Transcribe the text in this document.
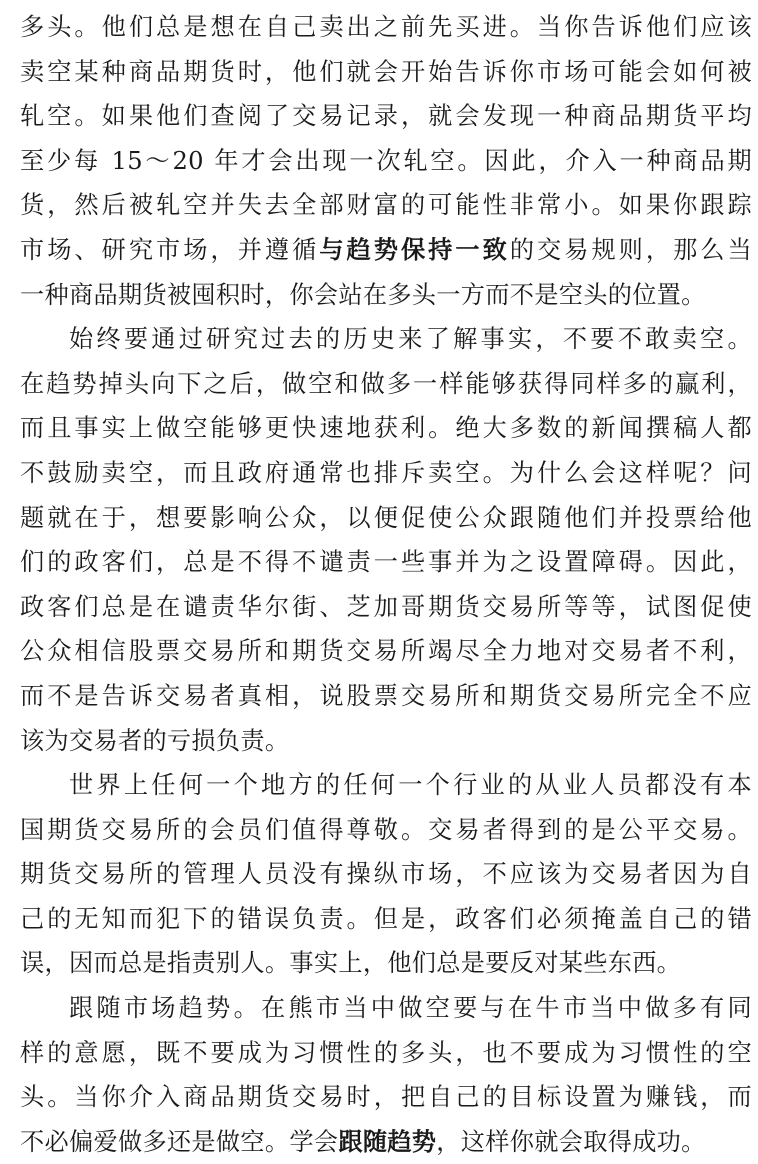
多头。他们总是想在自己卖出之前先买进。当你告诉他们应该
卖空某种商品期货时，他们就会开始告诉你市场可能会如何被
轧空。如果他们查阅了交易记录，就会发现一种商品期货平均
至少每 15～20 年才会出现一次轧空。因此，介入一种商品期
货，然后被轧空并失去全部财富的可能性非常小。如果你跟踪
市场、研究市场，并遵循与趋势保持一致的交易规则，那么当
一种商品期货被囤积时，你会站在多头一方而不是空头的位置。
始终要通过研究过去的历史来了解事实，不要不敢卖空。
在趋势掉头向下之后，做空和做多一样能够获得同样多的赢利，
而且事实上做空能够更快速地获利。绝大多数的新闻撰稿人都
不鼓励卖空，而且政府通常也排斥卖空。为什么会这样呢？问
题就在于，想要影响公众，以便促使公众跟随他们并投票给他
们的政客们，总是不得不谴责一些事并为之设置障碍。因此，
政客们总是在谴责华尔街、芝加哥期货交易所等等，试图促使
公众相信股票交易所和期货交易所竭尽全力地对交易者不利，
而不是告诉交易者真相，说股票交易所和期货交易所完全不应
该为交易者的亏损负责。
世界上任何一个地方的任何一个行业的从业人员都没有本
国期货交易所的会员们值得尊敬。交易者得到的是公平交易。
期货交易所的管理人员没有操纵市场，不应该为交易者因为自
己的无知而犯下的错误负责。但是，政客们必须掩盖自己的错
误，因而总是指责别人。事实上，他们总是要反对某些东西。
跟随市场趋势。在熊市当中做空要与在牛市当中做多有同
样的意愿，既不要成为习惯性的多头，也不要成为习惯性的空
头。当你介入商品期货交易时，把自己的目标设置为赚钱，而
不必偏爱做多还是做空。学会跟随趋势，这样你就会取得成功。
